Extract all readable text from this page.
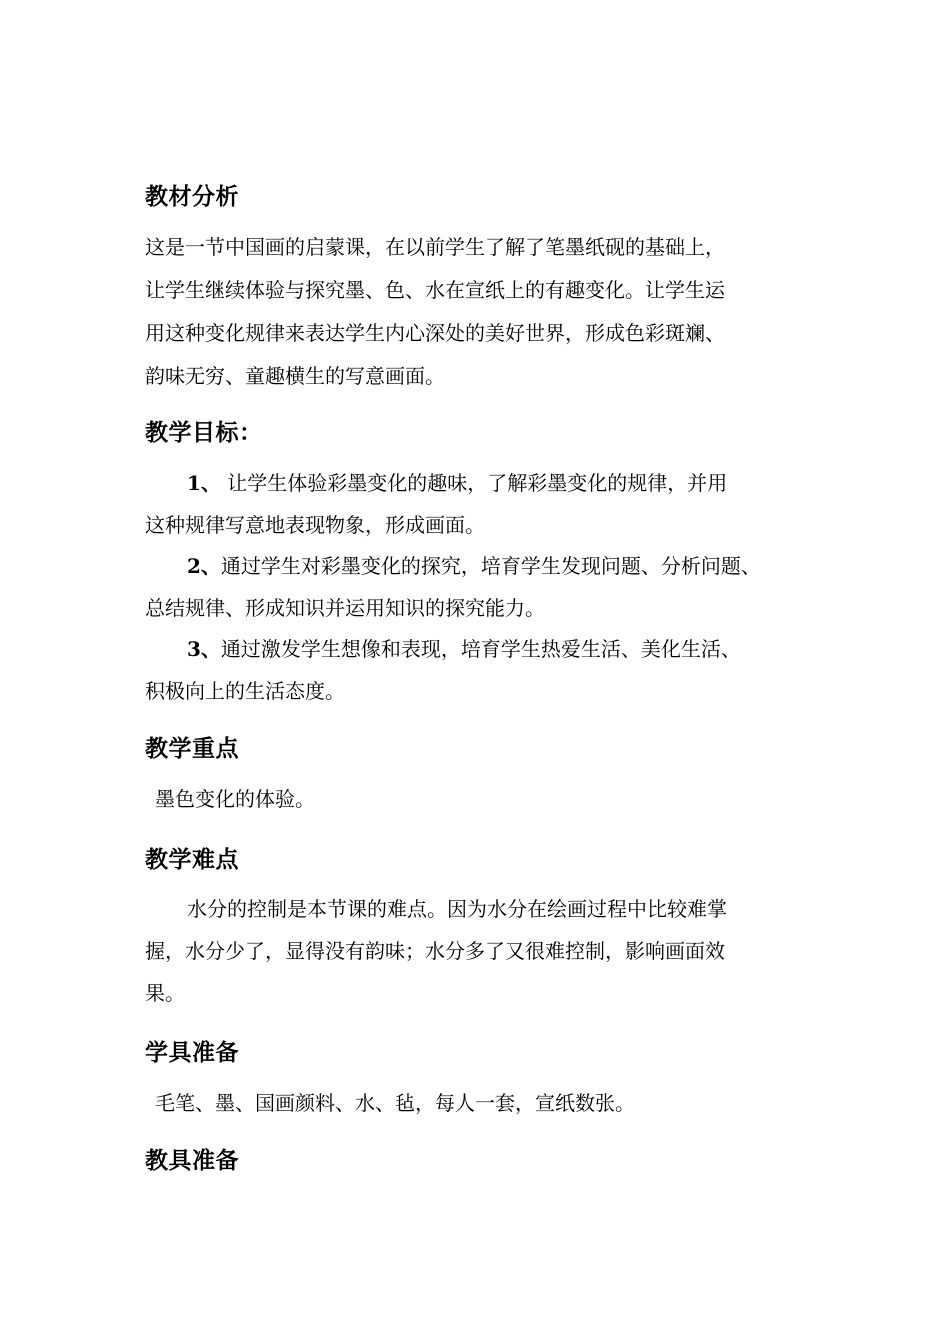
教材分析
这是一节中国画的启蒙课，在以前学生了解了笔墨纸砚的基础上，
让学生继续体验与探究墨、色、水在宣纸上的有趣变化。让学生运
用这种变化规律来表达学生内心深处的美好世界，形成色彩斑斓、
韵味无穷、童趣横生的写意画面。
教学目标：
1、 让学生体验彩墨变化的趣味，了解彩墨变化的规律，并用
这种规律写意地表现物象，形成画面。
2、通过学生对彩墨变化的探究，培育学生发现问题、分析问题、
总结规律、形成知识并运用知识的探究能力。
3、通过激发学生想像和表现，培育学生热爱生活、美化生活、
积极向上的生活态度。
教学重点
墨色变化的体验。
教学难点
水分的控制是本节课的难点。因为水分在绘画过程中比较难掌
握，水分少了，显得没有韵味；水分多了又很难控制，影响画面效
果。
学具准备
毛笔、墨、国画颜料、水、毡，每人一套，宣纸数张。
教具准备
